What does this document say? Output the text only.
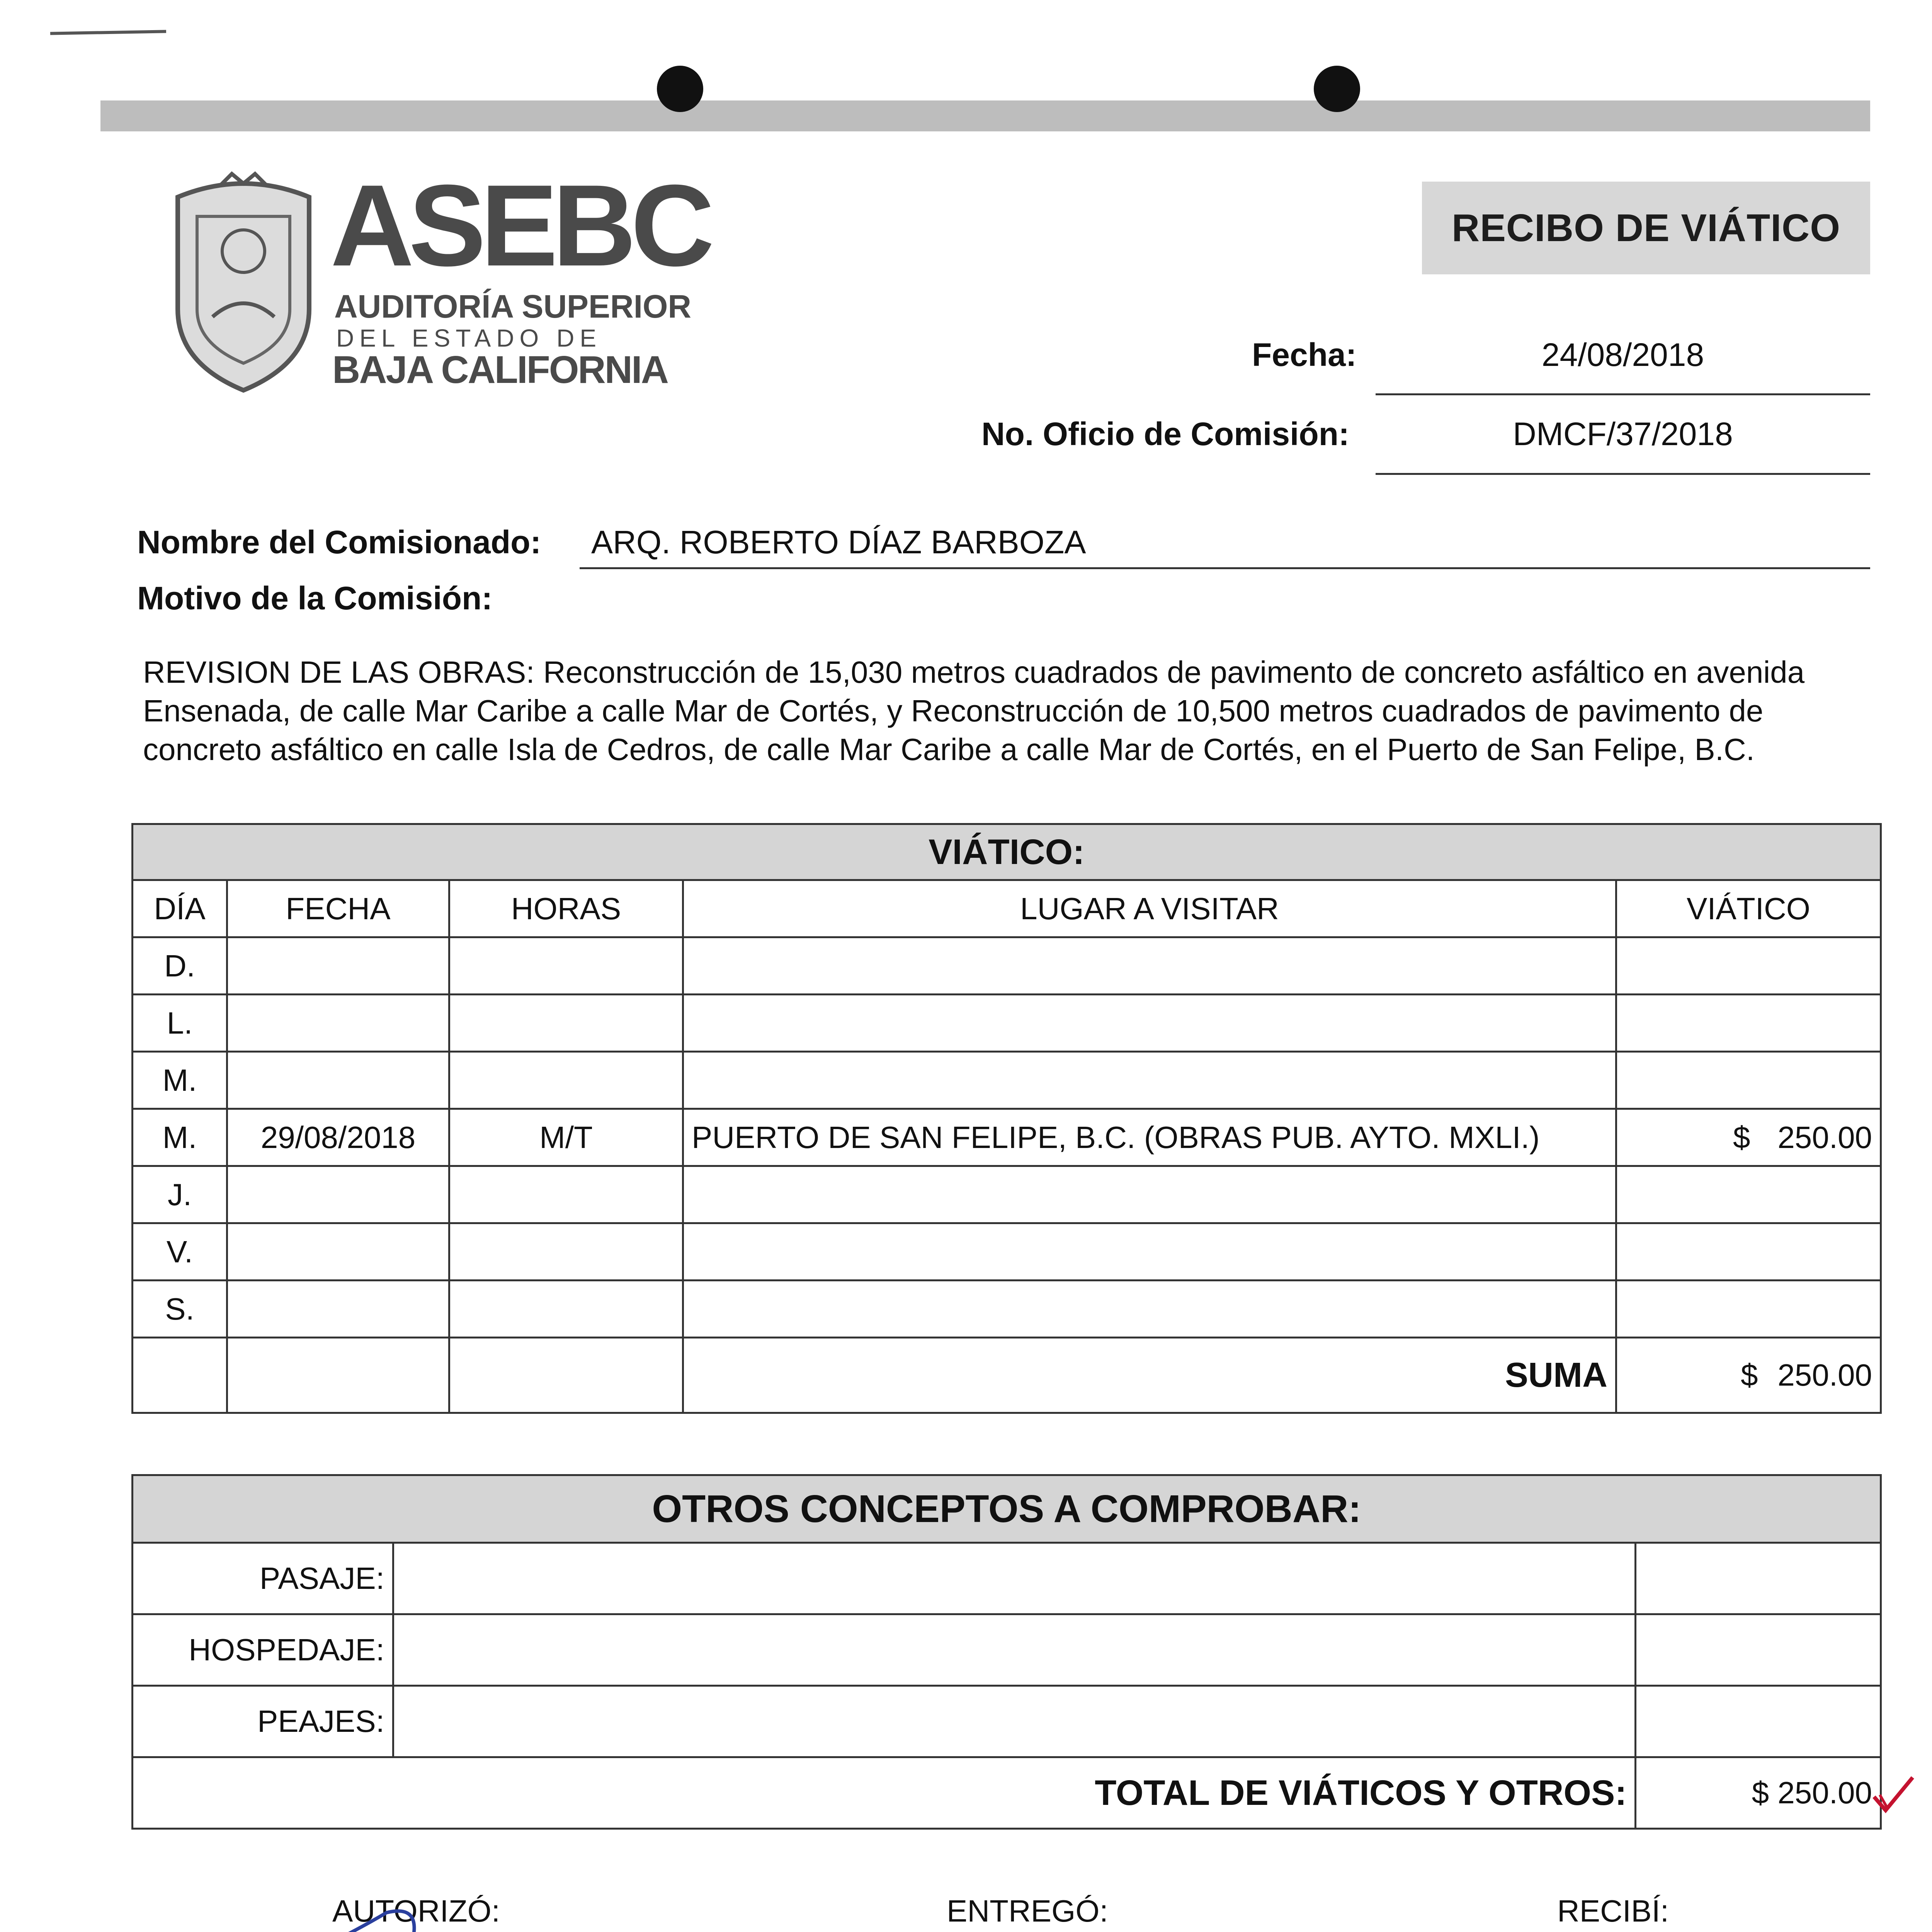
ASEBC
AUDITORÍA SUPERIOR
DEL ESTADO DE
BAJA CALIFORNIA
RECIBO DE VIÁTICO
Fecha:	24/08/2018
No. Oficio de Comisión:	DMCF/37/2018
Nombre del Comisionado: ARQ. ROBERTO DÍAZ BARBOZA
Motivo de la Comisión:
REVISION DE LAS OBRAS: Reconstrucción de 15,030 metros cuadrados de pavimento de concreto asfáltico en avenida Ensenada, de calle Mar Caribe a calle Mar de Cortés, y Reconstrucción de 10,500 metros cuadrados de pavimento de concreto asfáltico en calle Isla de Cedros, de calle Mar Caribe a calle Mar de Cortés, en el Puerto de San Felipe, B.C.
VIÁTICO:				
DÍA	FECHA	HORAS	LUGAR A VISITAR	VIÁTICO
D.				

L.				

M.				

M.	29/08/2018	M/T	PUERTO DE SAN FELIPE, B.C. (OBRAS PUB. AYTO. MXLI.)	$ 250.00

J.				

V.				

S.				

			SUMA	$ 250.00
OTROS CONCEPTOS A COMPROBAR:		
PASAJE:		
HOSPEDAJE:		
PEAJES:		
TOTAL DE VIÁTICOS Y OTROS:		$ 250.00
AUTORIZÓ:	ENTREGÓ:	RECIBÍ:
